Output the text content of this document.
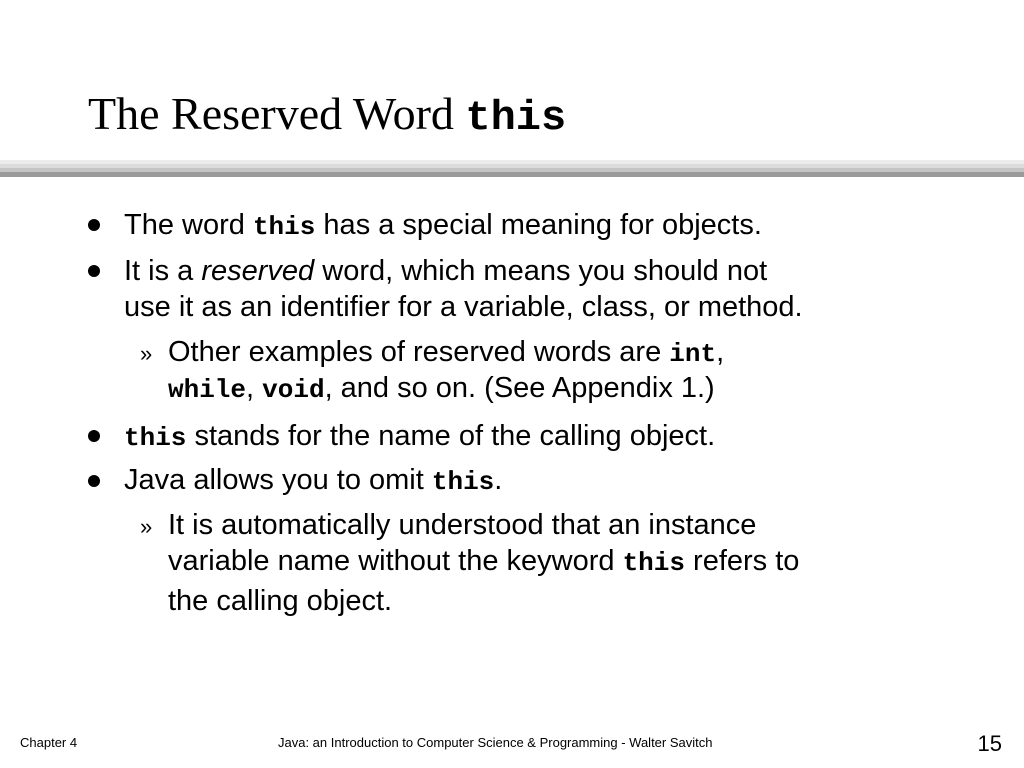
The Reserved Word this
The word this has a special meaning for objects.
It is a reserved word, which means you should not
use it as an identifier for a variable, class, or method.
» Other examples of reserved words are int,
while, void, and so on. (See Appendix 1.)
this stands for the name of the calling object.
Java allows you to omit this.
» It is automatically understood that an instance
variable name without the keyword this refers to
the calling object.
Chapter 4	Java: an Introduction to Computer Science & Programming - Walter Savitch	15
